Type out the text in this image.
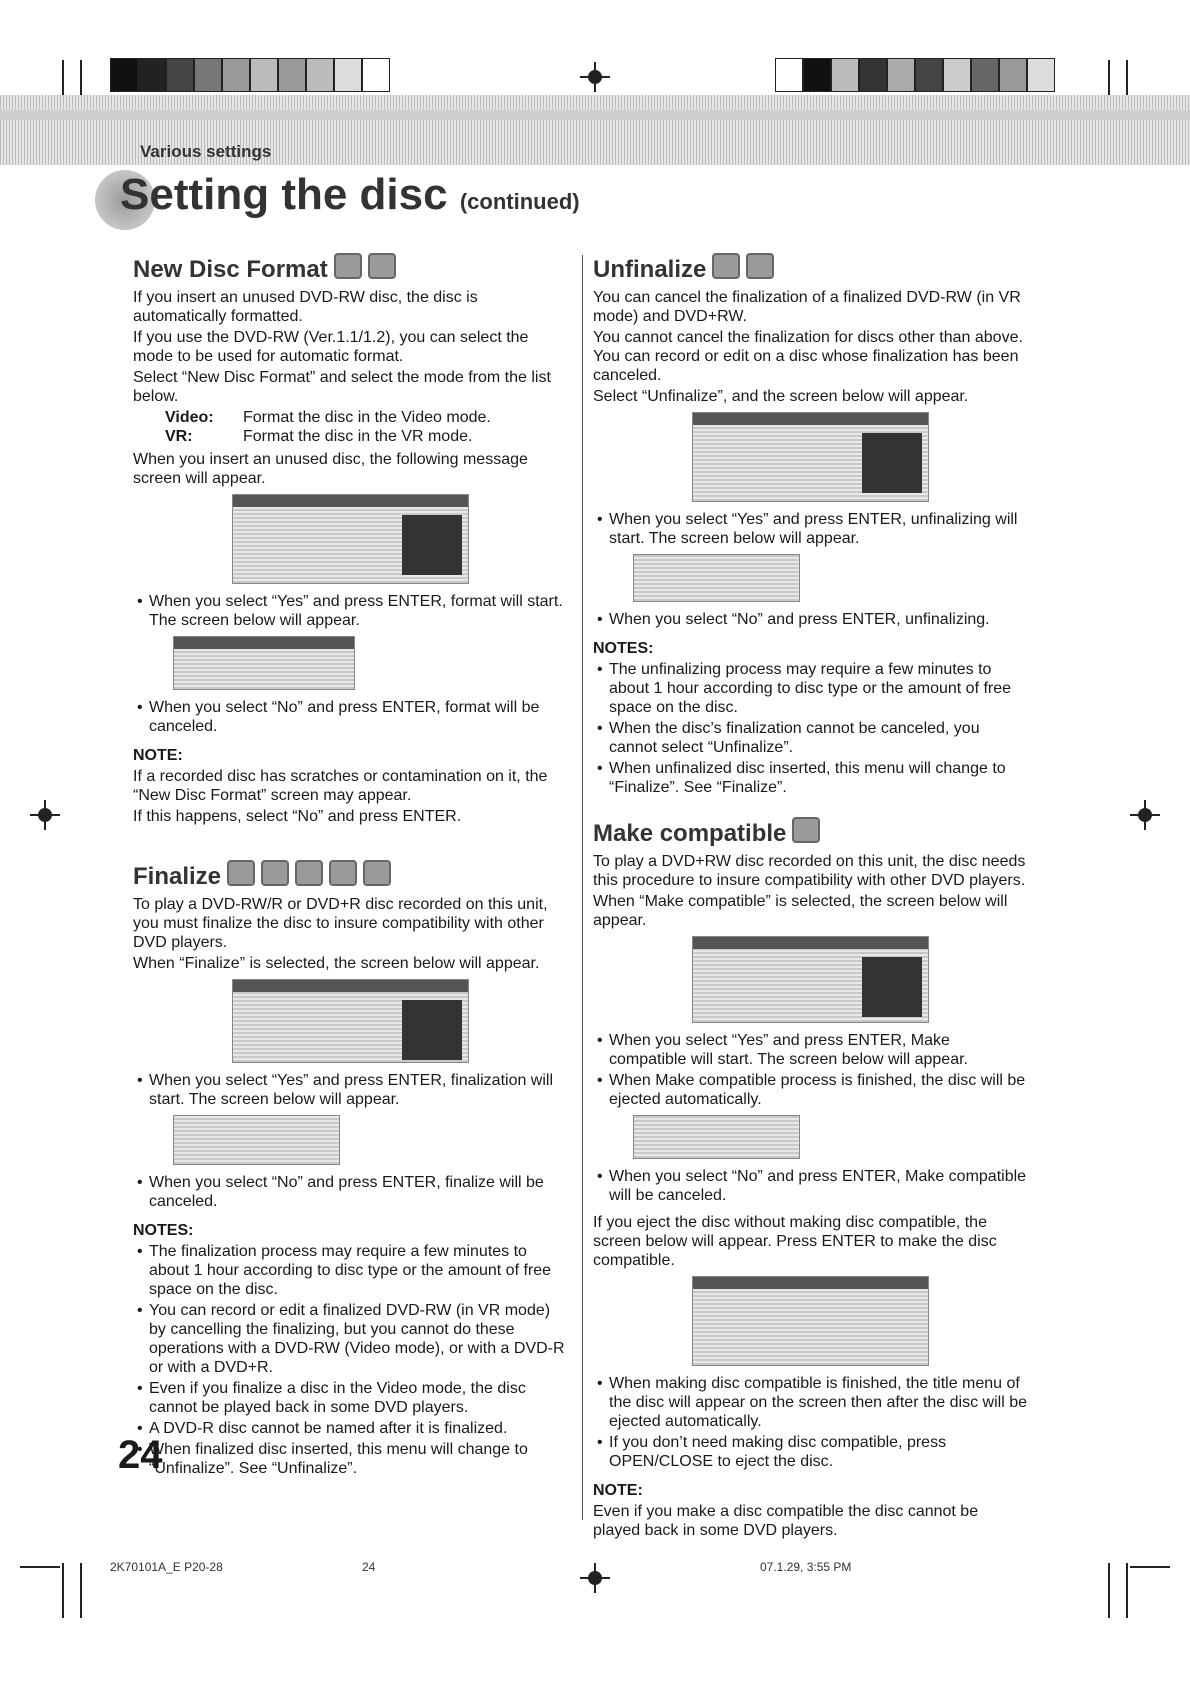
Various settings
Setting the disc (continued)
New Disc Format

If you insert an unused DVD-RW disc, the disc is automatically formatted.

If you use the DVD-RW (Ver.1.1/1.2), you can select the mode to be used for automatic format.

Select “New Disc Format” and select the mode from the list below.

Video:	Format the disc in the Video mode.
VR:	Format the disc in the VR mode.

When you insert an unused disc, the following message screen will appear.

• When you select “Yes” and press ENTER, format will start. The screen below will appear.

• When you select “No” and press ENTER, format will be canceled.

NOTE:

If a recorded disc has scratches or contamination on it, the “New Disc Format” screen may appear.

If this happens, select “No” and press ENTER.

Finalize

To play a DVD-RW/R or DVD+R disc recorded on this unit, you must finalize the disc to insure compatibility with other DVD players.

When “Finalize” is selected, the screen below will appear.

• When you select “Yes” and press ENTER, finalization will start. The screen below will appear.

• When you select “No” and press ENTER, finalize will be canceled.

NOTES:

• The finalization process may require a few minutes to about 1 hour according to disc type or the amount of free space on the disc.

• You can record or edit a finalized DVD-RW (in VR mode) by cancelling the finalizing, but you cannot do these operations with a DVD-RW (Video mode), or with a DVD-R or with a DVD+R.

• Even if you finalize a disc in the Video mode, the disc cannot be played back in some DVD players.

• A DVD-R disc cannot be named after it is finalized.

• When finalized disc inserted, this menu will change to “Unfinalize”. See “Unfinalize”.

Unfinalize

You can cancel the finalization of a finalized DVD-RW (in VR mode) and DVD+RW.

You cannot cancel the finalization for discs other than above. You can record or edit on a disc whose finalization has been canceled.

Select “Unfinalize”, and the screen below will appear.

• When you select “Yes” and press ENTER, unfinalizing will start. The screen below will appear.

• When you select “No” and press ENTER, unfinalizing.

NOTES:

• The unfinalizing process may require a few minutes to about 1 hour according to disc type or the amount of free space on the disc.

• When the disc’s finalization cannot be canceled, you cannot select “Unfinalize”.

• When unfinalized disc inserted, this menu will change to “Finalize”. See “Finalize”.

Make compatible

To play a DVD+RW disc recorded on this unit, the disc needs this procedure to insure compatibility with other DVD players.

When “Make compatible” is selected, the screen below will appear.

• When you select “Yes” and press ENTER, Make compatible will start. The screen below will appear.

• When Make compatible process is finished, the disc will be ejected automatically.

• When you select “No” and press ENTER, Make compatible will be canceled.

If you eject the disc without making disc compatible, the screen below will appear. Press ENTER to make the disc compatible.

• When making disc compatible is finished, the title menu of the disc will appear on the screen then after the disc will be ejected automatically.

• If you don’t need making disc compatible, press OPEN/CLOSE to eject the disc.

NOTE:

Even if you make a disc compatible the disc cannot be played back in some DVD players.

24
2K70101A_E P20-28	24	07.1.29, 3:55 PM
